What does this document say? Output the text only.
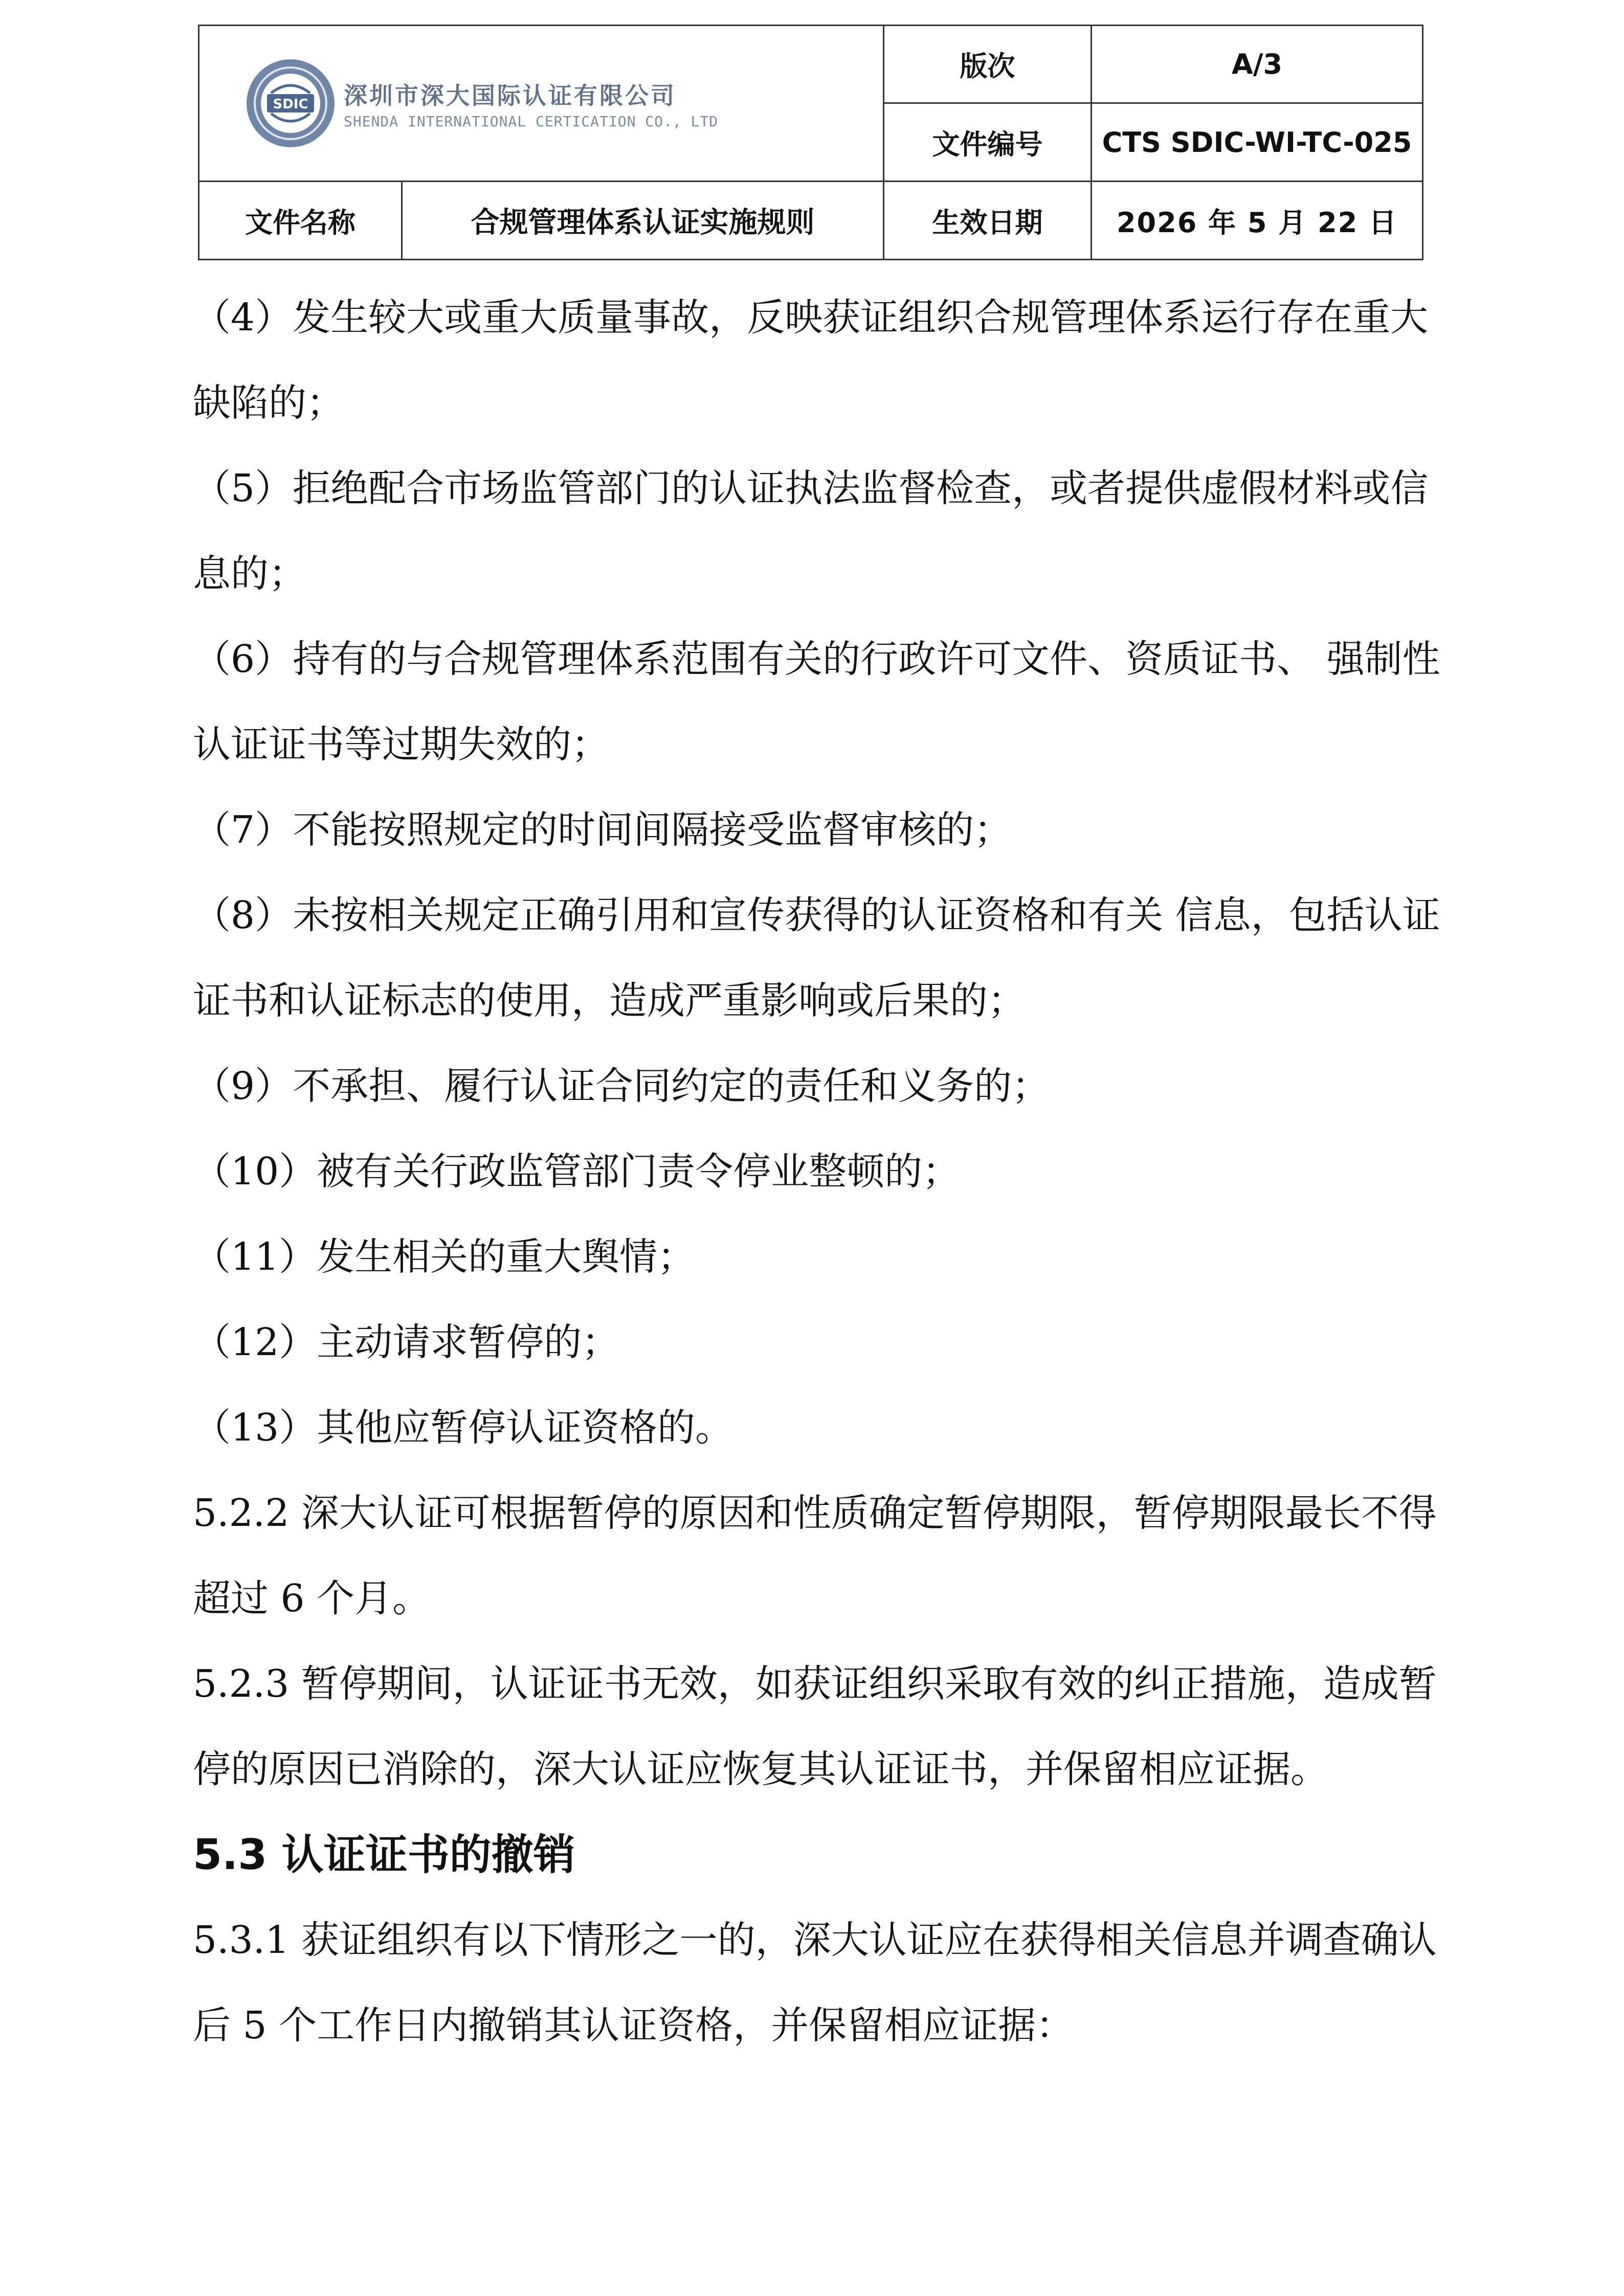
SDIC 深圳市深大国际认证有限公司
SHENDA INTERNATIONAL CERTICATION CO., LTD		版次	A/3
		文件编号	CTS SDIC-WI-TC-025
文件名称	合规管理体系认证实施规则	生效日期	2026 年 5 月 22 日

（4）发生较大或重大质量事故，反映获证组织合规管理体系运行存在重大缺陷的；

（5）拒绝配合市场监管部门的认证执法监督检查，或者提供虚假材料或信息的；

（6）持有的与合规管理体系范围有关的行政许可文件、资质证书、 强制性认证证书等过期失效的；

（7）不能按照规定的时间间隔接受监督审核的；

（8）未按相关规定正确引用和宣传获得的认证资格和有关 信息，包括认证证书和认证标志的使用，造成严重影响或后果的；

（9）不承担、履行认证合同约定的责任和义务的；

（10）被有关行政监管部门责令停业整顿的；

（11）发生相关的重大舆情；

（12）主动请求暂停的；

（13）其他应暂停认证资格的。

5.2.2 深大认证可根据暂停的原因和性质确定暂停期限，暂停期限最长不得超过 6 个月。

5.2.3 暂停期间，认证证书无效，如获证组织采取有效的纠正措施，造成暂停的原因已消除的，深大认证应恢复其认证证书，并保留相应证据。

5.3 认证证书的撤销

5.3.1 获证组织有以下情形之一的，深大认证应在获得相关信息并调查确认后 5 个工作日内撤销其认证资格，并保留相应证据：
